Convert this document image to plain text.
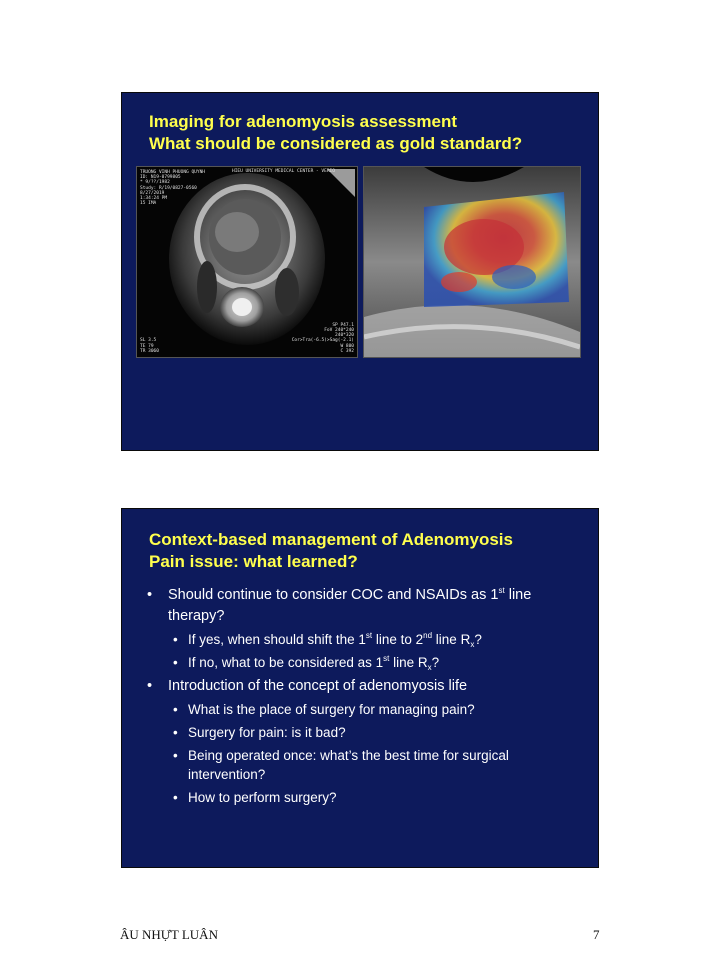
Imaging for adenomyosis assessment
What should be considered as gold standard?
TRUONG VINH PHUONG QUYNH
ID: N19-0799805
* 9/??/1982
Study: R/19/0827-0560
8/27/2019
1:34:24 PM
15 IMA
HIEU UNIVERSITY MEDICAL CENTER - VERIO
SP P47.1
FoV 240*240
240*320
Cor>Tra(-6.5)>Sag(-2.1)
W 800
C 392
SL 3.5
TE 79
TR 3060
Context-based management of Adenomyosis
Pain issue: what learned?
• Should continue to consider COC and NSAIDs as 1st line therapy?
• If yes, when should shift the 1st line to 2nd line $R_x$?
• If no, what to be considered as 1st line $R_x$?
• Introduction of the concept of adenomyosis life
• What is the place of surgery for managing pain?
• Surgery for pain: is it bad?
• Being operated once: what’s the best time for surgical intervention?
• How to perform surgery?
ÂU NHỰT LUÂN	7
